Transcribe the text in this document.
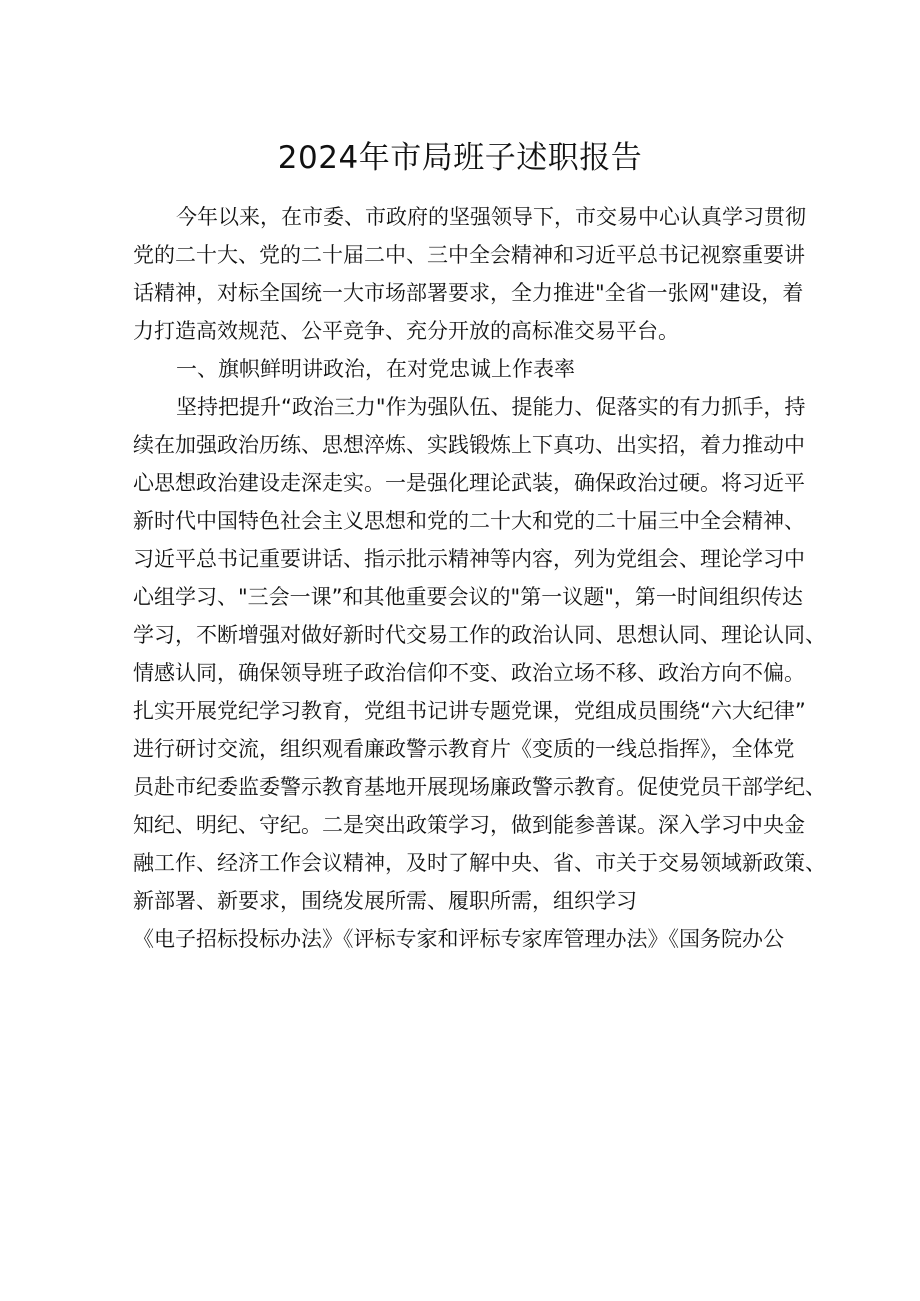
2024年市局班子述职报告
今年以来，在市委、市政府的坚强领导下，市交易中心认真学习贯彻
党的二十大、党的二十届二中、三中全会精神和习近平总书记视察重要讲
话精神，对标全国统一大市场部署要求，全力推进"全省一张网"建设，着
力打造高效规范、公平竞争、充分开放的高标准交易平台。
一、旗帜鲜明讲政治，在对党忠诚上作表率
坚持把提升“政治三力"作为强队伍、提能力、促落实的有力抓手，持
续在加强政治历练、思想淬炼、实践锻炼上下真功、出实招，着力推动中
心思想政治建设走深走实。一是强化理论武装，确保政治过硬。将习近平
新时代中国特色社会主义思想和党的二十大和党的二十届三中全会精神、
习近平总书记重要讲话、指示批示精神等内容，列为党组会、理论学习中
心组学习、"三会一课”和其他重要会议的"第一议题"，第一时间组织传达
学习，不断增强对做好新时代交易工作的政治认同、思想认同、理论认同、
情感认同，确保领导班子政治信仰不变、政治立场不移、政治方向不偏。
扎实开展党纪学习教育，党组书记讲专题党课，党组成员围绕“六大纪律”
进行研讨交流，组织观看廉政警示教育片《变质的一线总指挥》，全体党
员赴市纪委监委警示教育基地开展现场廉政警示教育。促使党员干部学纪、
知纪、明纪、守纪。二是突出政策学习，做到能参善谋。深入学习中央金
融工作、经济工作会议精神，及时了解中央、省、市关于交易领域新政策、
新部署、新要求，围绕发展所需、履职所需，组织学习
《电子招标投标办法》《评标专家和评标专家库管理办法》《国务院办公
